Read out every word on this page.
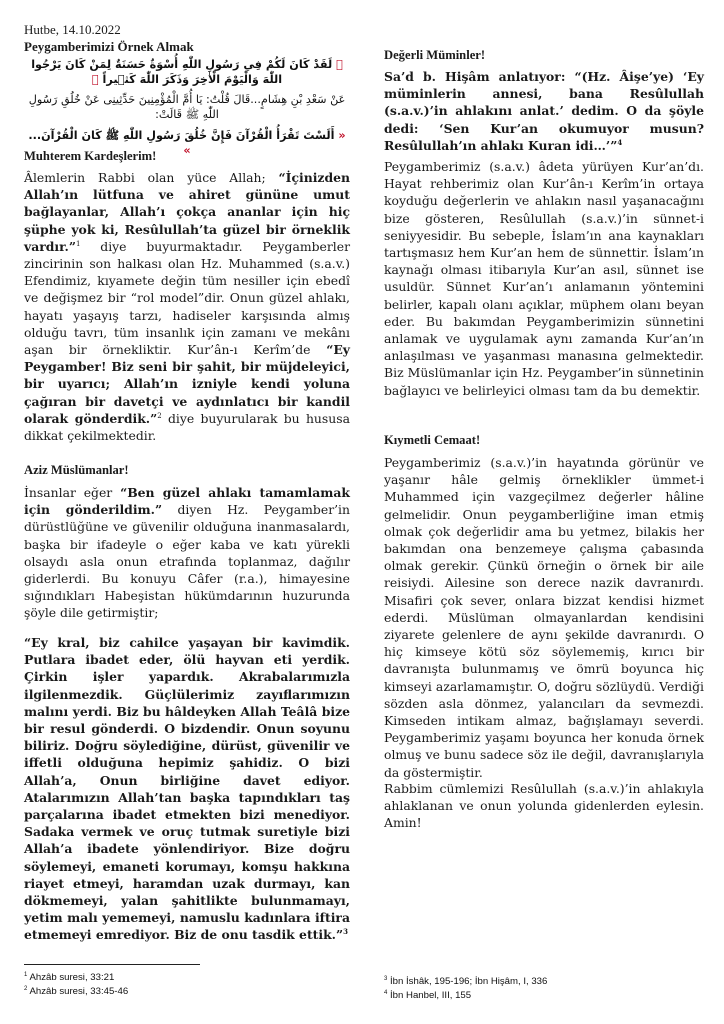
Hutbe, 14.10.2022
Peygamberimizi Örnek Almak
﴿ لَقَدْ كَانَ لَكُمْ فِي رَسُولِ اللّٰهِ أُسْوَةٌ حَسَنَةٌ لِمَنْ كَانَ يَرْجُوا اللّٰهَ وَالْيَوْمَ الْاٰخِرَ وَذَكَرَ اللّٰهَ كَث۪يراً ﴾
عَنْ سَعْدِ بْنِ هِشَامٍ...قَالَ قُلْتُ: يَا أُمَّ الْمُؤْمِنِينَ حَدِّثِينِى عَنْ خُلُقِ رَسُولِ اللّٰهِ ﷺ قَالَتْ:
« أَلَسْتَ تَقْرَأُ الْقُرْآنَ فَإِنَّ خُلُقَ رَسُولِ اللّٰهِ ﷺ كَانَ الْقُرْآنَ... »
Muhterem Kardeşlerim!

Âlemlerin Rabbi olan yüce Allah; “İçinizden Allah’ın lütfuna ve ahiret gününe umut bağlayanlar, Allah’ı çokça ananlar için hiç şüphe yok ki, Resûlullah’ta güzel bir örneklik vardır.”$^1$ diye buyurmaktadır. Peygamberler zincirinin son halkası olan Hz. Muhammed (s.a.v.) Efendimiz, kıyamete değin tüm nesiller için ebedî ve değişmez bir “rol model”dir. Onun güzel ahlakı, hayatı yaşayış tarzı, hadiseler karşısında almış olduğu tavrı, tüm insanlık için zamanı ve mekânı aşan bir örnekliktir. Kur’ân-ı Kerîm’de “Ey Peygamber! Biz seni bir şahit, bir müjdeleyici, bir uyarıcı; Allah’ın izniyle kendi yoluna çağıran bir davetçi ve aydınlatıcı bir kandil olarak gönderdik.”$^2$ diye buyurularak bu hususa dikkat çekilmektedir.

Aziz Müslümanlar!

İnsanlar eğer “Ben güzel ahlakı tamamlamak için gönderildim.” diyen Hz. Peygamber’in dürüstlüğüne ve güvenilir olduğuna inanmasalardı, başka bir ifadeyle o eğer kaba ve katı yürekli olsaydı asla onun etrafında toplanmaz, dağılır giderlerdi. Bu konuyu Câfer (r.a.), himayesine sığındıkları Habeşistan hükümdarının huzurunda şöyle dile getirmiştir;

“Ey kral, biz cahilce yaşayan bir kavimdik. Putlara ibadet eder, ölü hayvan eti yerdik. Çirkin işler yapardık. Akrabalarımızla ilgilenmezdik. Güçlülerimiz zayıflarımızın malını yerdi. Biz bu hâldeyken Allah Teâlâ bize bir resul gönderdi. O bizdendir. Onun soyunu biliriz. Doğru söylediğine, dürüst, güvenilir ve iffetli olduğuna hepimiz şahidiz. O bizi Allah’a, Onun birliğine davet ediyor. Atalarımızın Allah’tan başka tapındıkları taş parçalarına ibadet etmekten bizi menediyor. Sadaka vermek ve oruç tutmak suretiyle bizi Allah’a ibadete yönlendiriyor. Bize doğru söylemeyi, emaneti korumayı, komşu hakkına riayet etmeyi, haramdan uzak durmayı, kan dökmemeyi, yalan şahitlikte bulunmamayı, yetim malı yememeyi, namuslu kadınlara iftira etmemeyi emrediyor. Biz de onu tasdik ettik.”$^3$

Değerli Müminler!

Sa’d b. Hişâm anlatıyor: “(Hz. Âişe’ye) ‘Ey müminlerin annesi, bana Resûlullah (s.a.v.)’in ahlakını anlat.’ dedim. O da şöyle dedi: ‘Sen Kur’an okumuyor musun? Resûlullah’ın ahlakı Kuran idi…’”$^4$

Peygamberimiz (s.a.v.) âdeta yürüyen Kur’an’dı. Hayat rehberimiz olan Kur’ân-ı Kerîm’in ortaya koyduğu değerlerin ve ahlakın nasıl yaşanacağını bize gösteren, Resûlullah (s.a.v.)’in sünnet-i seniyyesidir. Bu sebeple, İslam’ın ana kaynakları tartışmasız hem Kur’an hem de sünnettir. İslam’ın kaynağı olması itibarıyla Kur’an asıl, sünnet ise usuldür. Sünnet Kur’an’ı anlamanın yöntemini belirler, kapalı olanı açıklar, müphem olanı beyan eder. Bu bakımdan Peygamberimizin sünnetini anlamak ve uygulamak aynı zamanda Kur’an’ın anlaşılması ve yaşanması manasına gelmektedir. Biz Müslümanlar için Hz. Peygamber’in sünnetinin bağlayıcı ve belirleyici olması tam da bu demektir.

Kıymetli Cemaat!

Peygamberimiz (s.a.v.)’in hayatında görünür ve yaşanır hâle gelmiş örneklikler ümmet-i Muhammed için vazgeçilmez değerler hâline gelmelidir. Onun peygamberliğine iman etmiş olmak çok değerlidir ama bu yetmez, bilakis her bakımdan ona benzemeye çalışma çabasında olmak gerekir. Çünkü örneğin o örnek bir aile reisiydi. Ailesine son derece nazik davranırdı. Misafiri çok sever, onlara bizzat kendisi hizmet ederdi. Müslüman olmayanlardan kendisini ziyarete gelenlere de aynı şekilde davranırdı. O hiç kimseye kötü söz söylememiş, kırıcı bir davranışta bulunmamış ve ömrü boyunca hiç kimseyi azarlamamıştır. O, doğru sözlüydü. Verdiği sözden asla dönmez, yalancıları da sevmezdi. Kimseden intikam almaz, bağışlamayı severdi. Peygamberimiz yaşamı boyunca her konuda örnek olmuş ve bunu sadece söz ile değil, davranışlarıyla da göstermiştir.

Rabbim cümlemizi Resûlullah (s.a.v.)’in ahlakıyla ahlaklanan ve onun yolunda gidenlerden eylesin. Amin!

$^1$ Ahzâb suresi, 33:21
$^2$ Ahzâb suresi, 33:45-46
$^3$ İbn İshâk, 195-196; İbn Hişâm, I, 336
$^4$ İbn Hanbel, III, 155
